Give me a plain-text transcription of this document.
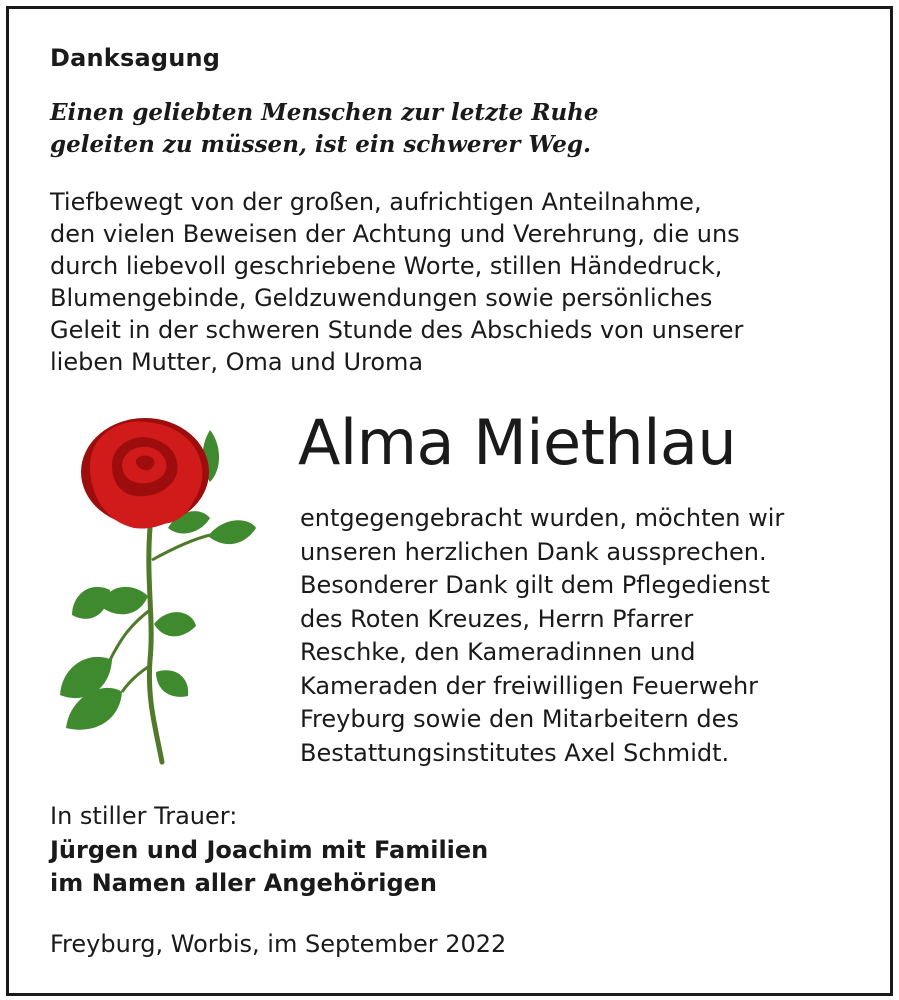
Danksagung
Einen geliebten Menschen zur letzte Ruhe
geleiten zu müssen, ist ein schwerer Weg.
Tiefbewegt von der großen, aufrichtigen Anteilnahme,
den vielen Beweisen der Achtung und Verehrung, die uns
durch liebevoll geschriebene Worte, stillen Händedruck,
Blumengebinde, Geldzuwendungen sowie persönliches
Geleit in der schweren Stunde des Abschieds von unserer
lieben Mutter, Oma und Uroma
Alma Miethlau
entgegengebracht wurden, möchten wir
unseren herzlichen Dank aussprechen.
Besonderer Dank gilt dem Pflegedienst
des Roten Kreuzes, Herrn Pfarrer
Reschke, den Kameradinnen und
Kameraden der freiwilligen Feuerwehr
Freyburg sowie den Mitarbeitern des
Bestattungsinstitutes Axel Schmidt.
In stiller Trauer:
Jürgen und Joachim mit Familien
im Namen aller Angehörigen
Freyburg, Worbis, im September 2022
